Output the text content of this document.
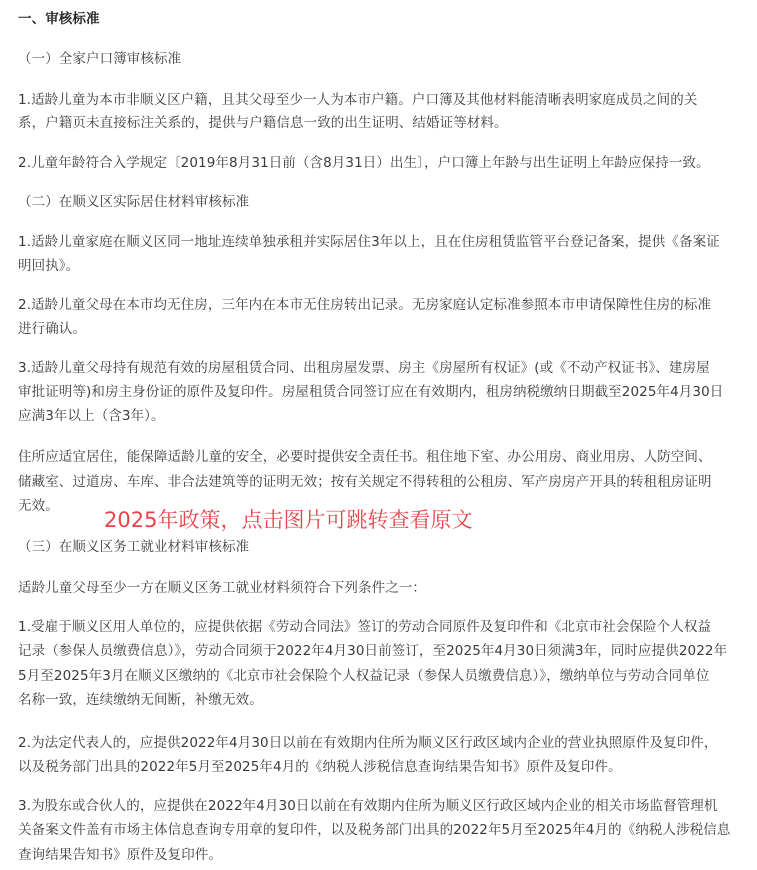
一、审核标准
（一）全家户口簿审核标准
1.适龄儿童为本市非顺义区户籍，且其父母至少一人为本市户籍。户口簿及其他材料能清晰表明家庭成员之间的关
系，户籍页未直接标注关系的，提供与户籍信息一致的出生证明、结婚证等材料。
2.儿童年龄符合入学规定〔2019年8月31日前（含8月31日）出生〕，户口簿上年龄与出生证明上年龄应保持一致。
（二）在顺义区实际居住材料审核标准
1.适龄儿童家庭在顺义区同一地址连续单独承租并实际居住3年以上，且在住房租赁监管平台登记备案，提供《备案证
明回执》。
2.适龄儿童父母在本市均无住房，三年内在本市无住房转出记录。无房家庭认定标准参照本市申请保障性住房的标准
进行确认。
3.适龄儿童父母持有规范有效的房屋租赁合同、出租房屋发票、房主《房屋所有权证》(或《不动产权证书》、建房屋
审批证明等)和房主身份证的原件及复印件。房屋租赁合同签订应在有效期内，租房纳税缴纳日期截至2025年4月30日
应满3年以上（含3年）。
住所应适宜居住，能保障适龄儿童的安全，必要时提供安全责任书。租住地下室、办公用房、商业用房、人防空间、
储藏室、过道房、车库、非合法建筑等的证明无效；按有关规定不得转租的公租房、军产房房产开具的转租租房证明
无效。
2025年政策，点击图片可跳转查看原文
（三）在顺义区务工就业材料审核标准
适龄儿童父母至少一方在顺义区务工就业材料须符合下列条件之一：
1.受雇于顺义区用人单位的，应提供依据《劳动合同法》签订的劳动合同原件及复印件和《北京市社会保险个人权益
记录（参保人员缴费信息）》，劳动合同须于2022年4月30日前签订，至2025年4月30日须满3年，同时应提供2022年
5月至2025年3月在顺义区缴纳的《北京市社会保险个人权益记录（参保人员缴费信息）》，缴纳单位与劳动合同单位
名称一致，连续缴纳无间断，补缴无效。
2.为法定代表人的，应提供2022年4月30日以前在有效期内住所为顺义区行政区域内企业的营业执照原件及复印件，
以及税务部门出具的2022年5月至2025年4月的《纳税人涉税信息查询结果告知书》原件及复印件。
3.为股东或合伙人的，应提供在2022年4月30日以前在有效期内住所为顺义区行政区域内企业的相关市场监督管理机
关备案文件盖有市场主体信息查询专用章的复印件，以及税务部门出具的2022年5月至2025年4月的《纳税人涉税信息
查询结果告知书》原件及复印件。
